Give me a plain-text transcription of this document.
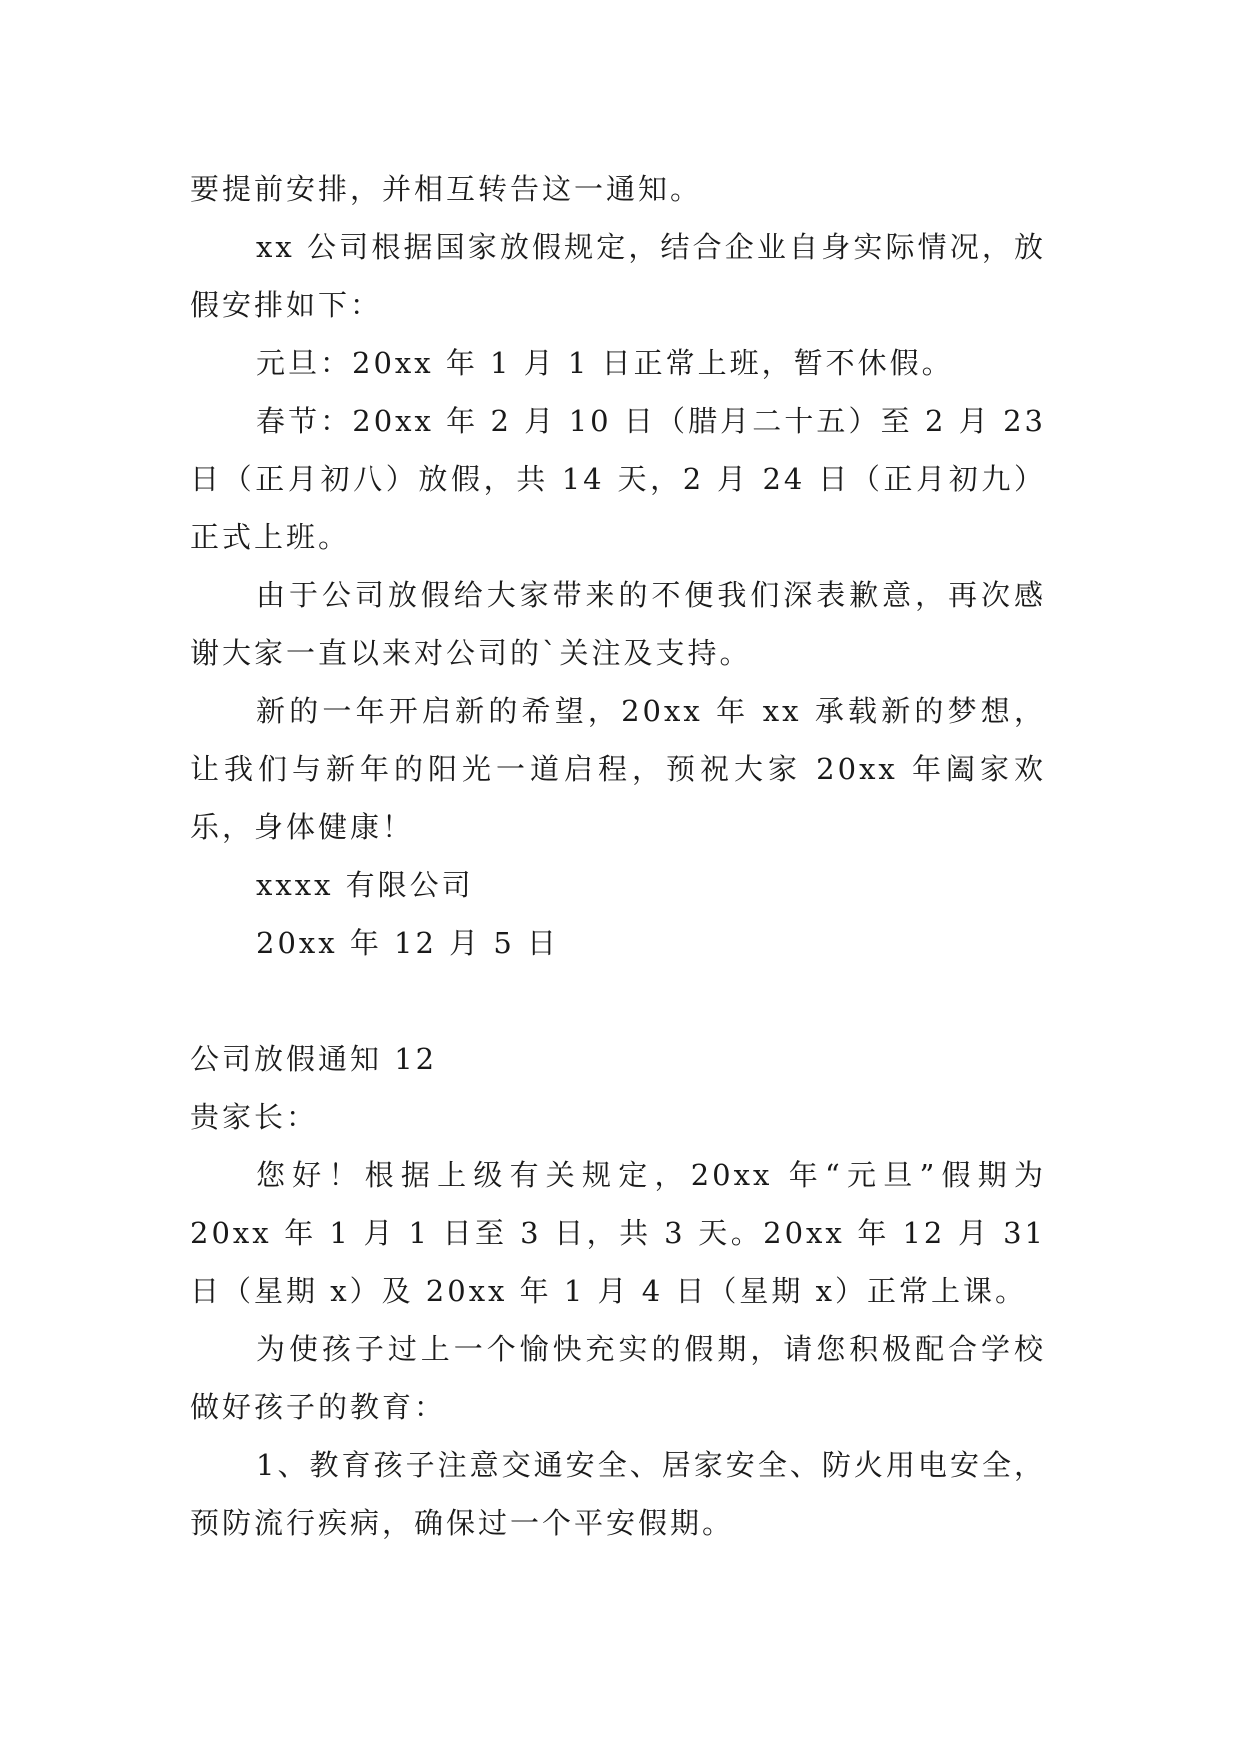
要提前安排，并相互转告这一通知。

xx 公司根据国家放假规定，结合企业自身实际情况，放假安排如下：

元旦：20xx 年 1 月 1 日正常上班，暂不休假。

春节：20xx 年 2 月 10 日（腊月二十五）至 2 月 23 日（正月初八）放假，共 14 天，2 月 24 日（正月初九）正式上班。

由于公司放假给大家带来的不便我们深表歉意，再次感谢大家一直以来对公司的`关注及支持。

新的一年开启新的希望，20xx 年 xx 承载新的梦想，让我们与新年的阳光一道启程，预祝大家 20xx 年阖家欢乐，身体健康！

xxxx 有限公司

20xx 年 12 月 5 日

公司放假通知 12

贵家长：

您好！根据上级有关规定，20xx 年“元旦”假期为 20xx 年 1 月 1 日至 3 日，共 3 天。20xx 年 12 月 31 日（星期 x）及 20xx 年 1 月 4 日（星期 x）正常上课。

为使孩子过上一个愉快充实的假期，请您积极配合学校做好孩子的教育：

1、教育孩子注意交通安全、居家安全、防火用电安全，预防流行疾病，确保过一个平安假期。
